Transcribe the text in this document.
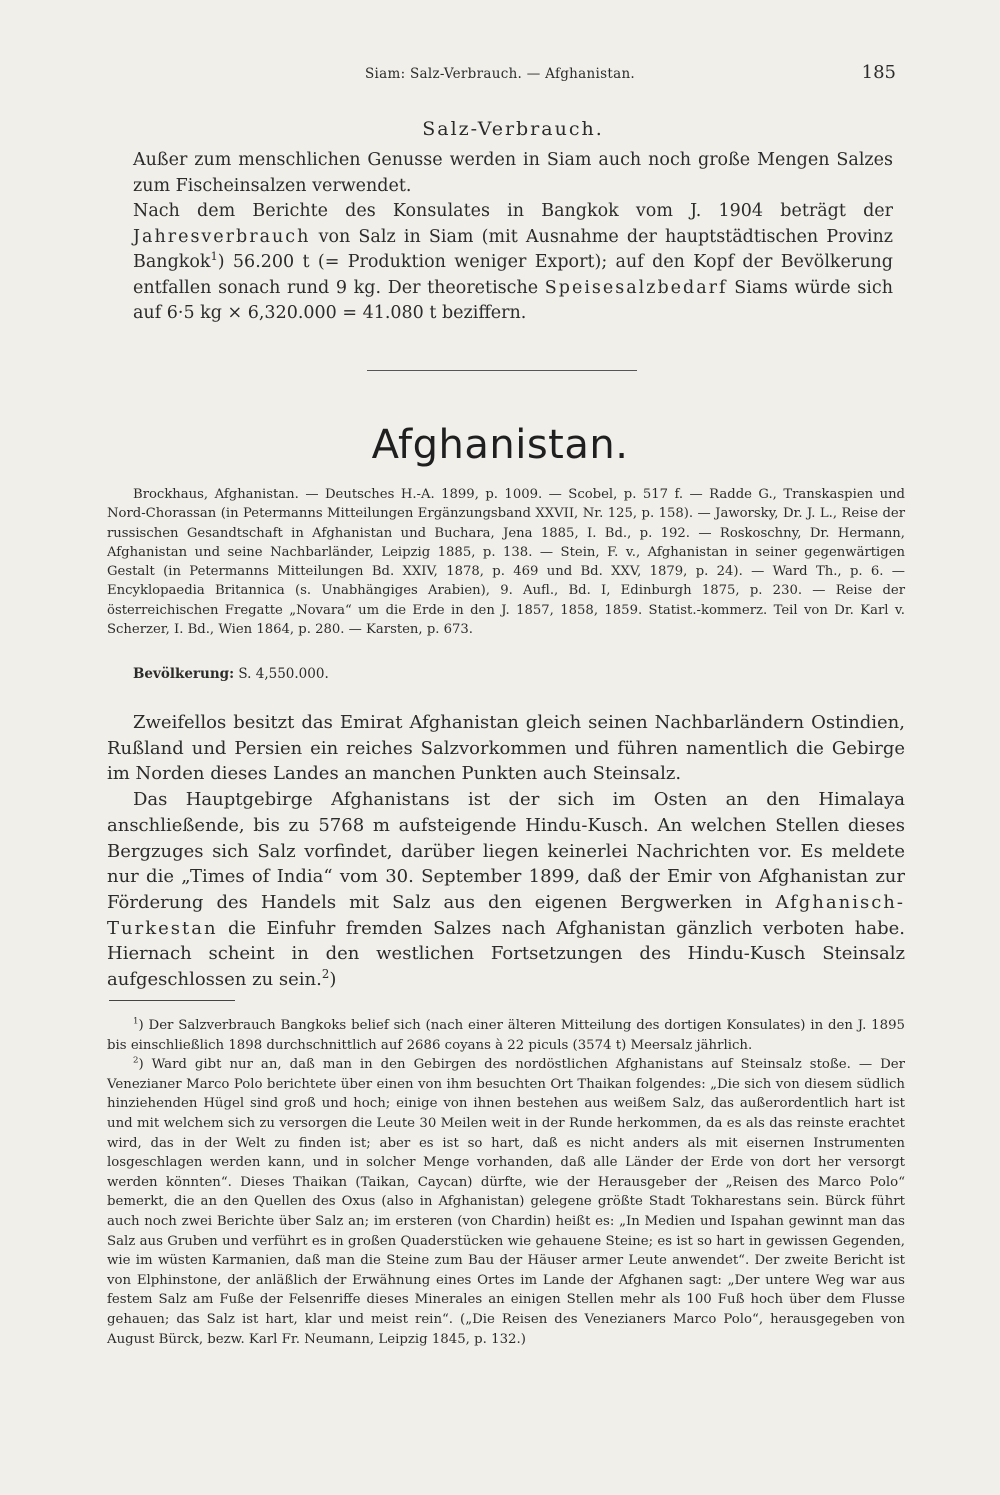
Siam: Salz-Verbrauch. — Afghanistan.	185
Salz-Verbrauch.

Außer zum menschlichen Genusse werden in Siam auch noch große Mengen Salzes zum Fischeinsalzen verwendet.

Nach dem Berichte des Konsulates in Bangkok vom J. 1904 beträgt der Jahresverbrauch von Salz in Siam (mit Ausnahme der hauptstädtischen Provinz Bangkok$^1$) 56.200 t (= Produktion weniger Export); auf den Kopf der Bevölkerung entfallen sonach rund 9 kg. Der theoretische Speisesalzbedarf Siams würde sich auf 6·5 kg × 6,320.000 = 41.080 t beziffern.

Afghanistan.
Brockhaus, Afghanistan. — Deutsches H.-A. 1899, p. 1009. — Scobel, p. 517 f. — Radde G., Transkaspien und Nord-Chorassan (in Petermanns Mitteilungen Ergänzungsband XXVII, Nr. 125, p. 158). — Jaworsky, Dr. J. L., Reise der russischen Gesandtschaft in Afghanistan und Buchara, Jena 1885, I. Bd., p. 192. — Roskoschny, Dr. Hermann, Afghanistan und seine Nachbarländer, Leipzig 1885, p. 138. — Stein, F. v., Afghanistan in seiner gegenwärtigen Gestalt (in Petermanns Mitteilungen Bd. XXIV, 1878, p. 469 und Bd. XXV, 1879, p. 24). — Ward Th., p. 6. — Encyklopaedia Britannica (s. Unabhängiges Arabien), 9. Aufl., Bd. I, Edinburgh 1875, p. 230. — Reise der österreichischen Fregatte „Novara“ um die Erde in den J. 1857, 1858, 1859. Statist.-kommerz. Teil von Dr. Karl v. Scherzer, I. Bd., Wien 1864, p. 280. — Karsten, p. 673.
Bevölkerung: S. 4,550.000.

Zweifellos besitzt das Emirat Afghanistan gleich seinen Nachbarländern Ostindien, Rußland und Persien ein reiches Salzvorkommen und führen namentlich die Gebirge im Norden dieses Landes an manchen Punkten auch Steinsalz.

Das Hauptgebirge Afghanistans ist der sich im Osten an den Himalaya anschließende, bis zu 5768 m aufsteigende Hindu-Kusch. An welchen Stellen dieses Bergzuges sich Salz vorfindet, darüber liegen keinerlei Nachrichten vor. Es meldete nur die „Times of India“ vom 30. September 1899, daß der Emir von Afghanistan zur Förderung des Handels mit Salz aus den eigenen Bergwerken in Afghanisch-Turkestan die Einfuhr fremden Salzes nach Afghanistan gänzlich verboten habe. Hiernach scheint in den westlichen Fortsetzungen des Hindu-Kusch Steinsalz aufgeschlossen zu sein.$^2$)

$^1$) Der Salzverbrauch Bangkoks belief sich (nach einer älteren Mitteilung des dortigen Konsulates) in den J. 1895 bis einschließlich 1898 durchschnittlich auf 2686 coyans à 22 piculs (3574 t) Meersalz jährlich.

$^2$) Ward gibt nur an, daß man in den Gebirgen des nordöstlichen Afghanistans auf Steinsalz stoße. — Der Venezianer Marco Polo berichtete über einen von ihm besuchten Ort Thaikan folgendes: „Die sich von diesem südlich hinziehenden Hügel sind groß und hoch; einige von ihnen bestehen aus weißem Salz, das außerordentlich hart ist und mit welchem sich zu versorgen die Leute 30 Meilen weit in der Runde herkommen, da es als das reinste erachtet wird, das in der Welt zu finden ist; aber es ist so hart, daß es nicht anders als mit eisernen Instrumenten losgeschlagen werden kann, und in solcher Menge vorhanden, daß alle Länder der Erde von dort her versorgt werden könnten“. Dieses Thaikan (Taikan, Caycan) dürfte, wie der Herausgeber der „Reisen des Marco Polo“ bemerkt, die an den Quellen des Oxus (also in Afghanistan) gelegene größte Stadt Tokharestans sein. Bürck führt auch noch zwei Berichte über Salz an; im ersteren (von Chardin) heißt es: „In Medien und Ispahan gewinnt man das Salz aus Gruben und verführt es in großen Quaderstücken wie gehauene Steine; es ist so hart in gewissen Gegenden, wie im wüsten Karmanien, daß man die Steine zum Bau der Häuser armer Leute anwendet“. Der zweite Bericht ist von Elphinstone, der anläßlich der Erwähnung eines Ortes im Lande der Afghanen sagt: „Der untere Weg war aus festem Salz am Fuße der Felsenriffe dieses Minerales an einigen Stellen mehr als 100 Fuß hoch über dem Flusse gehauen; das Salz ist hart, klar und meist rein“. („Die Reisen des Venezianers Marco Polo“, herausgegeben von August Bürck, bezw. Karl Fr. Neumann, Leipzig 1845, p. 132.)
